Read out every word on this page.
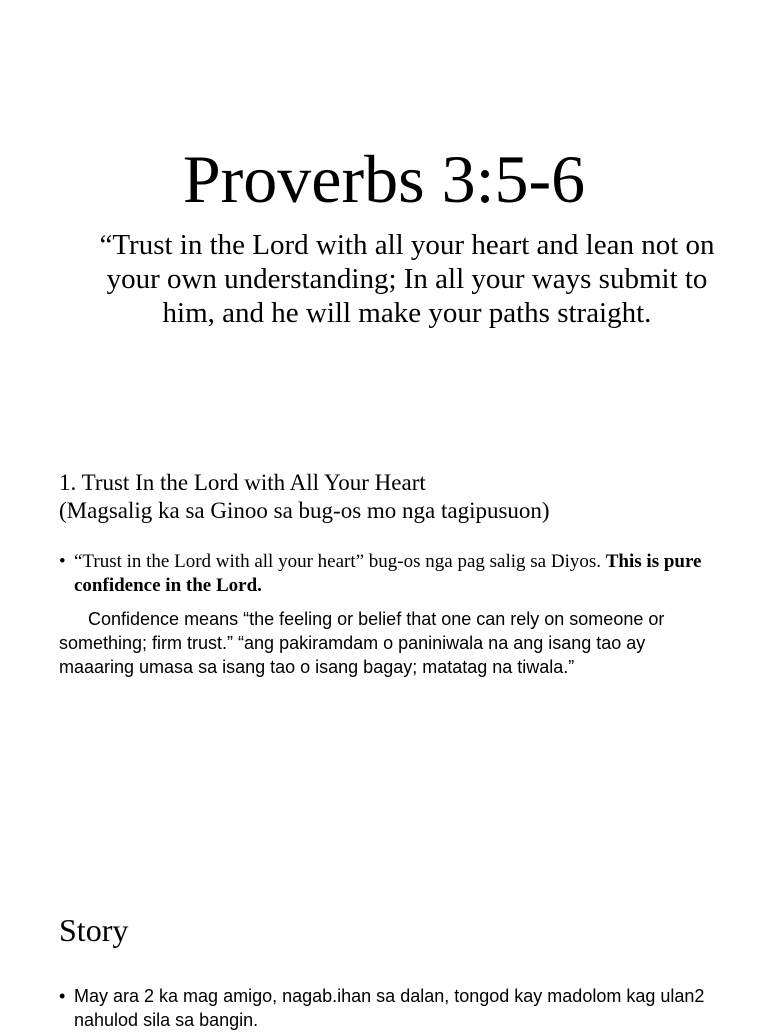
Proverbs 3:5-6

“Trust in the Lord with all your heart and lean not on your own understanding; In all your ways submit to him, and he will make your paths straight.

1. Trust In the Lord with All Your Heart
(Magsalig ka sa Ginoo sa bug-os mo nga tagipusuon)
• “Trust in the Lord with all your heart” bug-os nga pag salig sa Diyos. This is pure confidence in the Lord.

Confidence means “the feeling or belief that one can rely on someone or something; firm trust.” “ang pakiramdam o paniniwala na ang isang tao ay maaaring umasa sa isang tao o isang bagay; matatag na tiwala.”

Story
• May ara 2 ka mag amigo, nagab.ihan sa dalan, tongod kay madolom kag ulan2 nahulod sila sa bangin.
